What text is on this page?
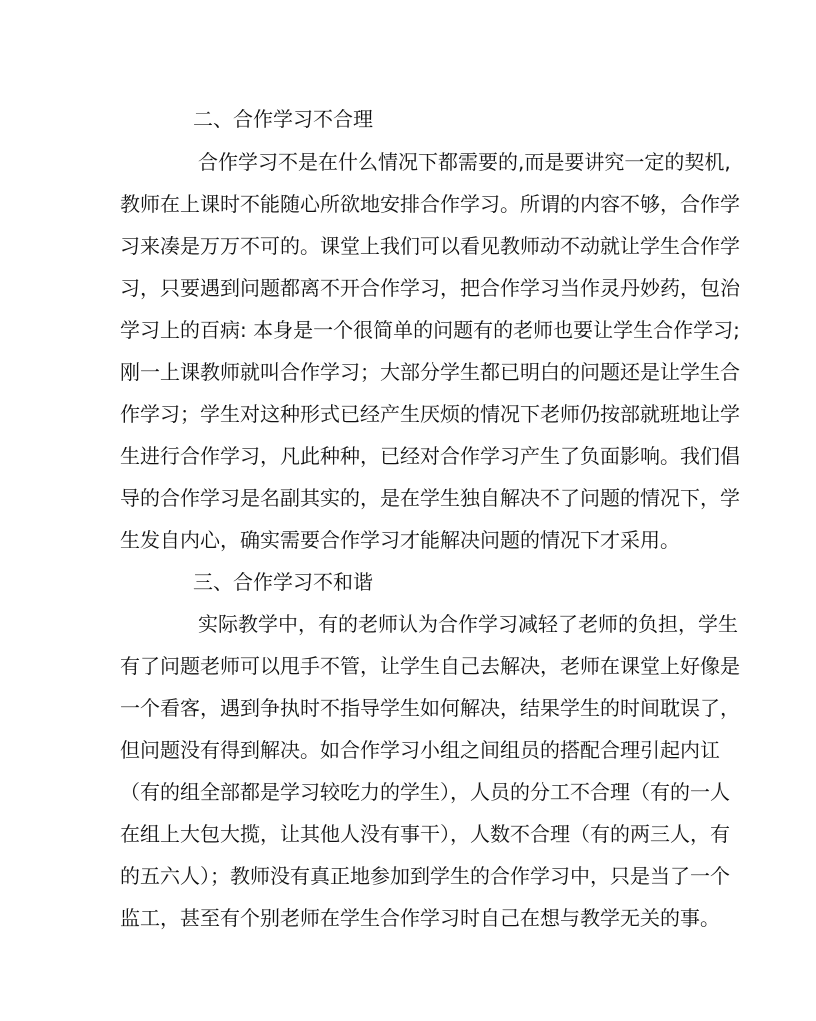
二、合作学习不合理
合作学习不是在什么情况下都需要的,而是要讲究一定的契机,
教师在上课时不能随心所欲地安排合作学习。所谓的内容不够，合作学
习来凑是万万不可的。课堂上我们可以看见教师动不动就让学生合作学
习，只要遇到问题都离不开合作学习，把合作学习当作灵丹妙药，包治
学习上的百病: 本身是一个很简单的问题有的老师也要让学生合作学习;
刚一上课教师就叫合作学习；大部分学生都已明白的问题还是让学生合
作学习；学生对这种形式已经产生厌烦的情况下老师仍按部就班地让学
生进行合作学习，凡此种种，已经对合作学习产生了负面影响。我们倡
导的合作学习是名副其实的，是在学生独自解决不了问题的情况下，学
生发自内心，确实需要合作学习才能解决问题的情况下才采用。
三、合作学习不和谐
实际教学中，有的老师认为合作学习减轻了老师的负担，学生
有了问题老师可以甩手不管，让学生自己去解决，老师在课堂上好像是
一个看客，遇到争执时不指导学生如何解决，结果学生的时间耽误了，
但问题没有得到解决。如合作学习小组之间组员的搭配合理引起内讧
（有的组全部都是学习较吃力的学生），人员的分工不合理（有的一人
在组上大包大揽，让其他人没有事干），人数不合理（有的两三人，有
的五六人）；教师没有真正地参加到学生的合作学习中，只是当了一个
监工，甚至有个别老师在学生合作学习时自己在想与教学无关的事。
